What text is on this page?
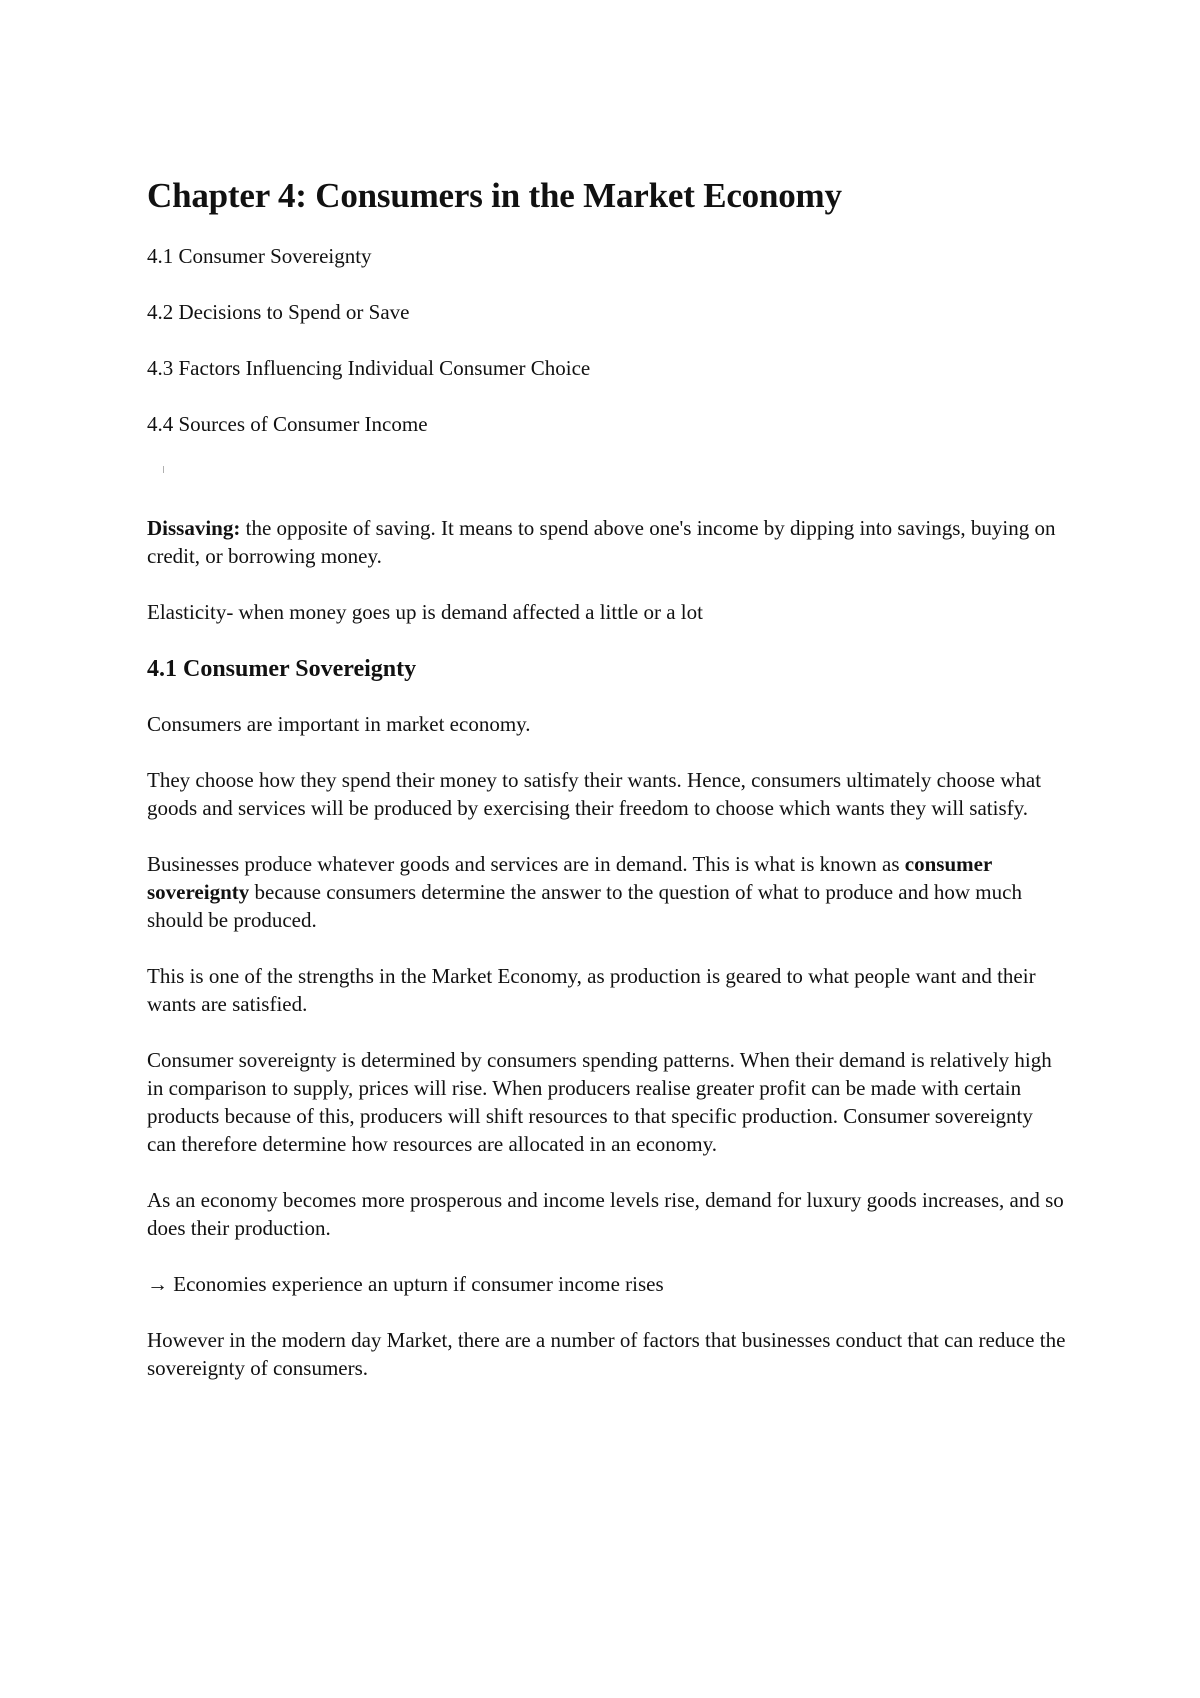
Chapter 4: Consumers in the Market Economy

4.1 Consumer Sovereignty

4.2 Decisions to Spend or Save

4.3 Factors Influencing Individual Consumer Choice

4.4 Sources of Consumer Income

Dissaving: the opposite of saving. It means to spend above one's income by dipping into savings, buying on credit, or borrowing money.

Elasticity- when money goes up is demand affected a little or a lot

4.1 Consumer Sovereignty

Consumers are important in market economy.

They choose how they spend their money to satisfy their wants. Hence, consumers ultimately choose what goods and services will be produced by exercising their freedom to choose which wants they will satisfy.

Businesses produce whatever goods and services are in demand. This is what is known as consumer sovereignty because consumers determine the answer to the question of what to produce and how much should be produced.

This is one of the strengths in the Market Economy, as production is geared to what people want and their wants are satisfied.

Consumer sovereignty is determined by consumers spending patterns. When their demand is relatively high in comparison to supply, prices will rise. When producers realise greater profit can be made with certain products because of this, producers will shift resources to that specific production. Consumer sovereignty can therefore determine how resources are allocated in an economy.

As an economy becomes more prosperous and income levels rise, demand for luxury goods increases, and so does their production.

→ Economies experience an upturn if consumer income rises

However in the modern day Market, there are a number of factors that businesses conduct that can reduce the sovereignty of consumers.
